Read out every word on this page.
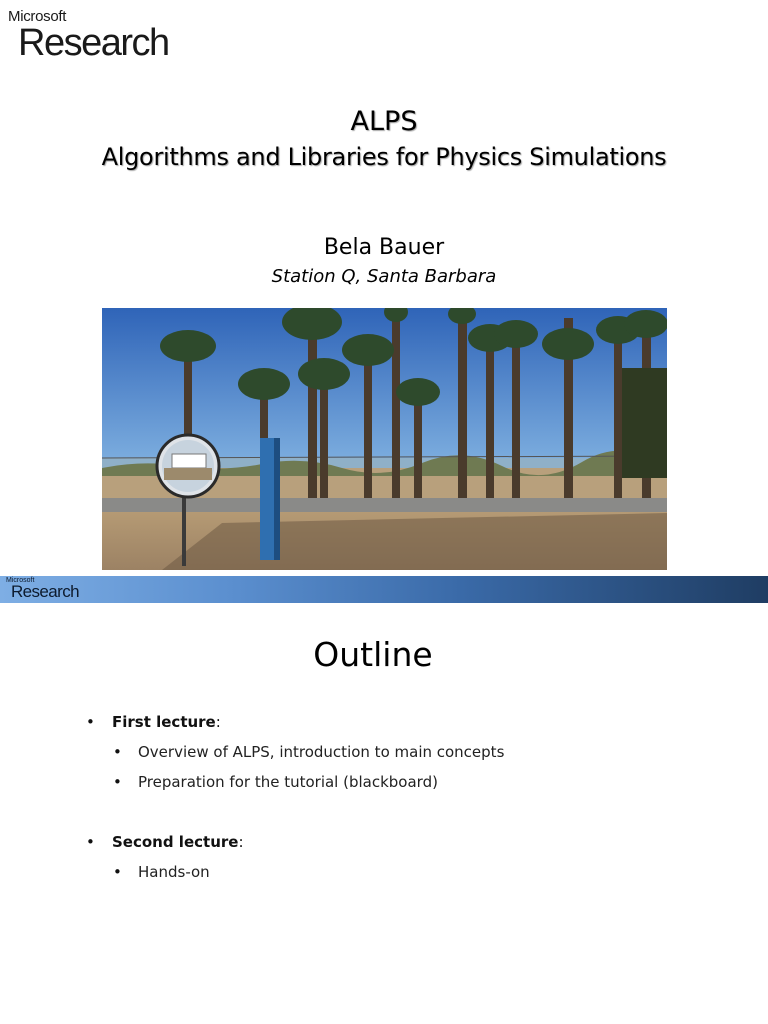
Microsoft
Research
ALPS
Algorithms and Libraries for Physics Simulations
Bela Bauer
Station Q, Santa Barbara
Microsoft
Research
Outline
• First lecture:
• Overview of ALPS, introduction to main concepts
• Preparation for the tutorial (blackboard)
• Second lecture:
• Hands-on
